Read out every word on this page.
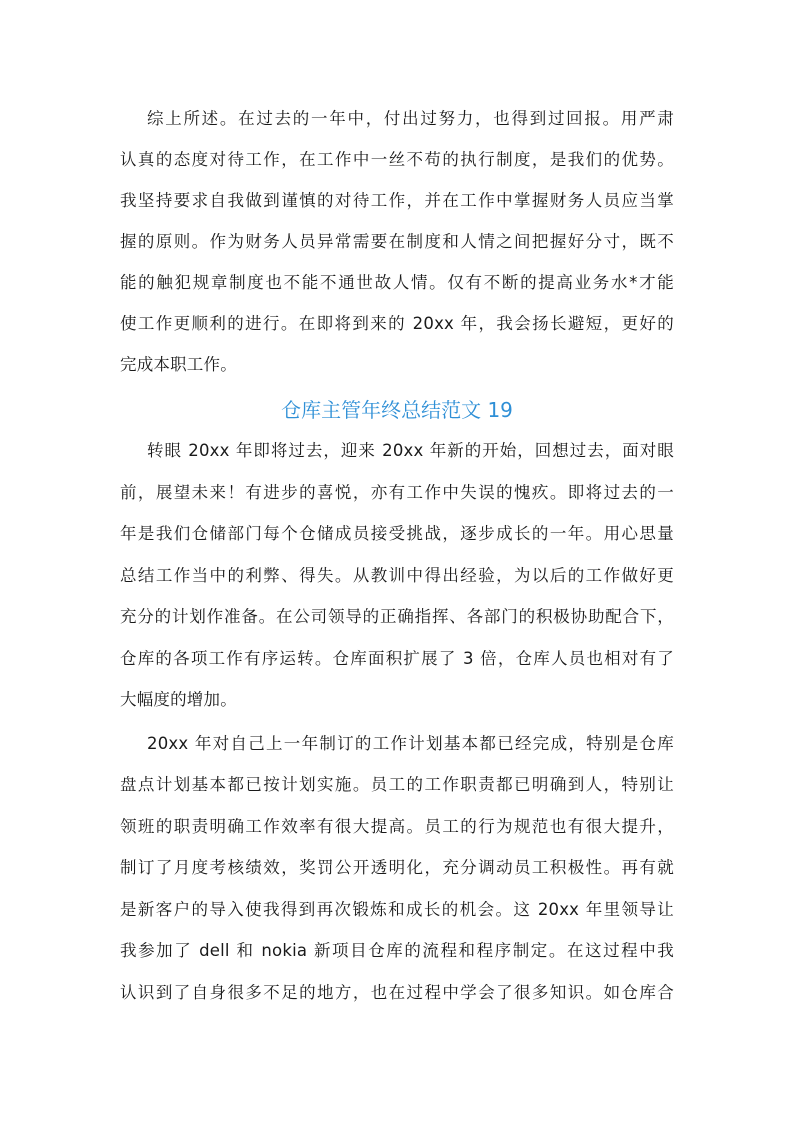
综上所述。在过去的一年中，付出过努力，也得到过回报。用严肃
认真的态度对待工作，在工作中一丝不苟的执行制度，是我们的优势。
我坚持要求自我做到谨慎的对待工作，并在工作中掌握财务人员应当掌
握的原则。作为财务人员异常需要在制度和人情之间把握好分寸，既不
能的触犯规章制度也不能不通世故人情。仅有不断的提高业务水*才能
使工作更顺利的进行。在即将到来的 20xx 年，我会扬长避短，更好的
完成本职工作。
仓库主管年终总结范文 19
转眼 20xx 年即将过去，迎来 20xx 年新的开始，回想过去，面对眼
前，展望未来！有进步的喜悦，亦有工作中失误的愧疚。即将过去的一
年是我们仓储部门每个仓储成员接受挑战，逐步成长的一年。用心思量
总结工作当中的利弊、得失。从教训中得出经验，为以后的工作做好更
充分的计划作准备。在公司领导的正确指挥、各部门的积极协助配合下，
仓库的各项工作有序运转。仓库面积扩展了 3 倍，仓库人员也相对有了
大幅度的增加。
20xx 年对自己上一年制订的工作计划基本都已经完成，特别是仓库
盘点计划基本都已按计划实施。员工的工作职责都已明确到人，特别让
领班的职责明确工作效率有很大提高。员工的行为规范也有很大提升，
制订了月度考核绩效，奖罚公开透明化，充分调动员工积极性。再有就
是新客户的导入使我得到再次锻炼和成长的机会。这 20xx 年里领导让
我参加了 dell 和 nokia 新项目仓库的流程和程序制定。在这过程中我
认识到了自身很多不足的地方，也在过程中学会了很多知识。如仓库合
